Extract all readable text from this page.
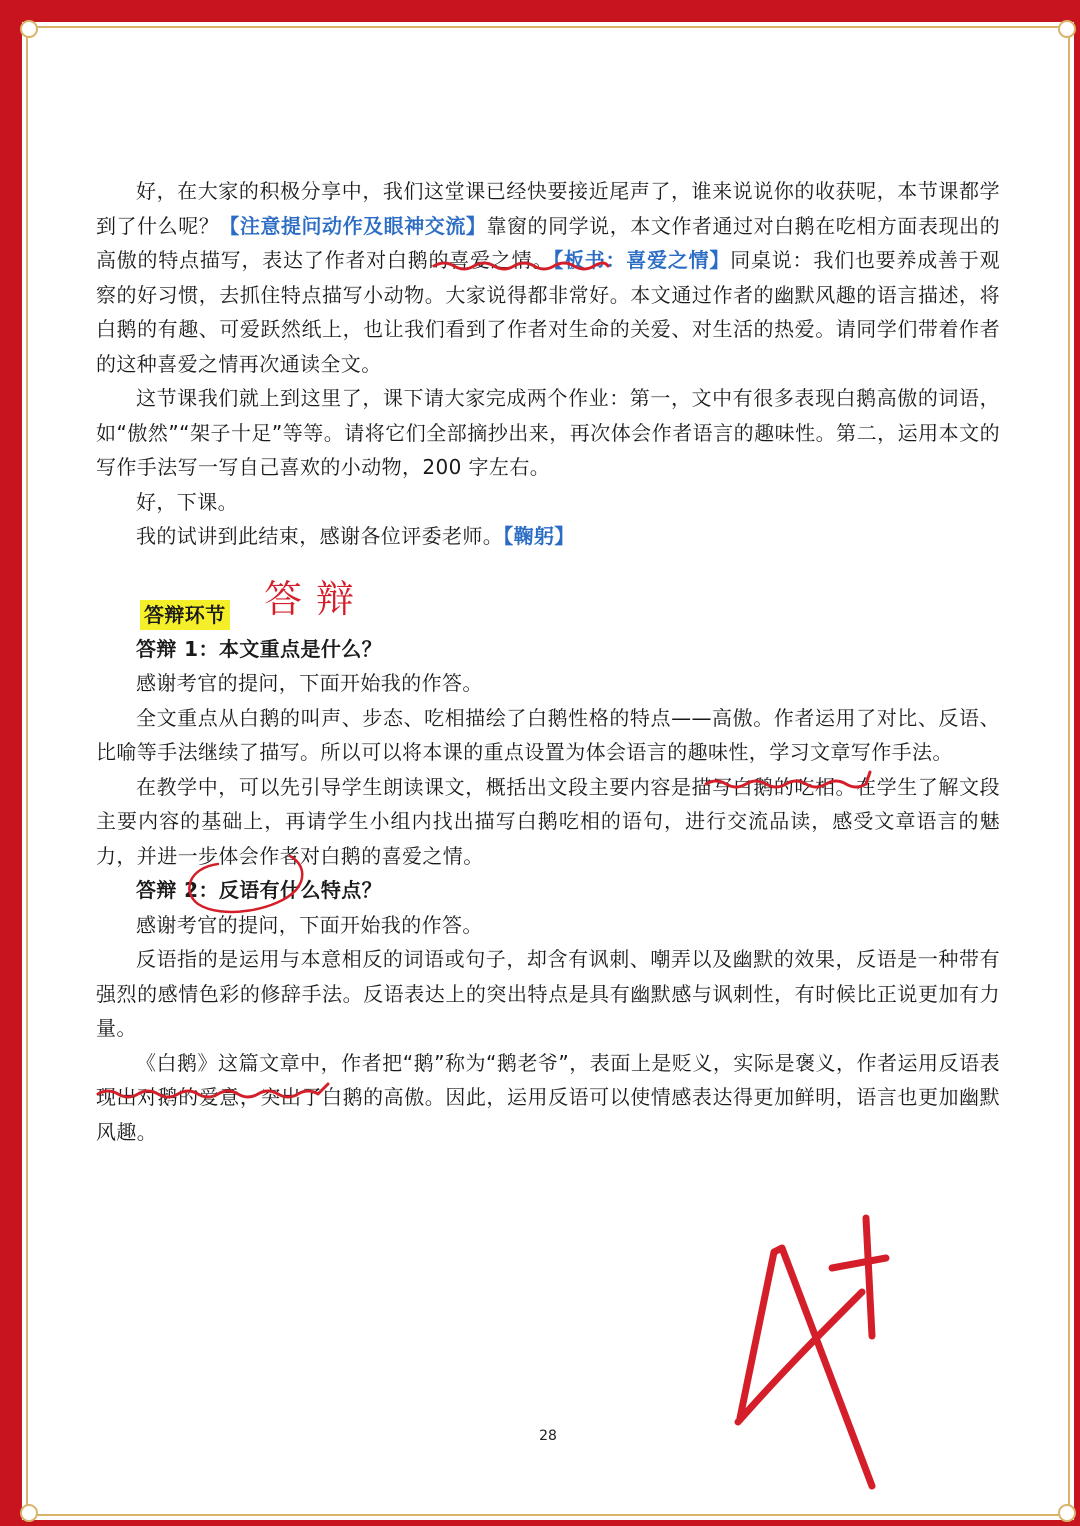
好，在大家的积极分享中，我们这堂课已经快要接近尾声了，谁来说说你的收获呢，本节课都学到了什么呢？【注意提问动作及眼神交流】靠窗的同学说，本文作者通过对白鹅在吃相方面表现出的高傲的特点描写，表达了作者对白鹅的喜爱之情。【板书：喜爱之情】同桌说：我们也要养成善于观察的好习惯，去抓住特点描写小动物。大家说得都非常好。本文通过作者的幽默风趣的语言描述，将白鹅的有趣、可爱跃然纸上，也让我们看到了作者对生命的关爱、对生活的热爱。请同学们带着作者的这种喜爱之情再次通读全文。

这节课我们就上到这里了，课下请大家完成两个作业：第一，文中有很多表现白鹅高傲的词语，如“傲然”“架子十足”等等。请将它们全部摘抄出来，再次体会作者语言的趣味性。第二，运用本文的写作手法写一写自己喜欢的小动物，200 字左右。

好，下课。

我的试讲到此结束，感谢各位评委老师。【鞠躬】

答辩环节 答辩

答辩 1：本文重点是什么？

感谢考官的提问，下面开始我的作答。

全文重点从白鹅的叫声、步态、吃相描绘了白鹅性格的特点——高傲。作者运用了对比、反语、比喻等手法继续了描写。所以可以将本课的重点设置为体会语言的趣味性，学习文章写作手法。

在教学中，可以先引导学生朗读课文，概括出文段主要内容是描写白鹅的吃相。在学生了解文段主要内容的基础上，再请学生小组内找出描写白鹅吃相的语句，进行交流品读，感受文章语言的魅力，并进一步体会作者对白鹅的喜爱之情。

答辩 2：反语有什么特点？

感谢考官的提问，下面开始我的作答。

反语指的是运用与本意相反的词语或句子，却含有讽刺、嘲弄以及幽默的效果，反语是一种带有强烈的感情色彩的修辞手法。反语表达上的突出特点是具有幽默感与讽刺性，有时候比正说更加有力量。

《白鹅》这篇文章中，作者把“鹅”称为“鹅老爷”，表面上是贬义，实际是褒义，作者运用反语表现出对鹅的爱意，突出了白鹅的高傲。因此，运用反语可以使情感表达得更加鲜明，语言也更加幽默风趣。

28
